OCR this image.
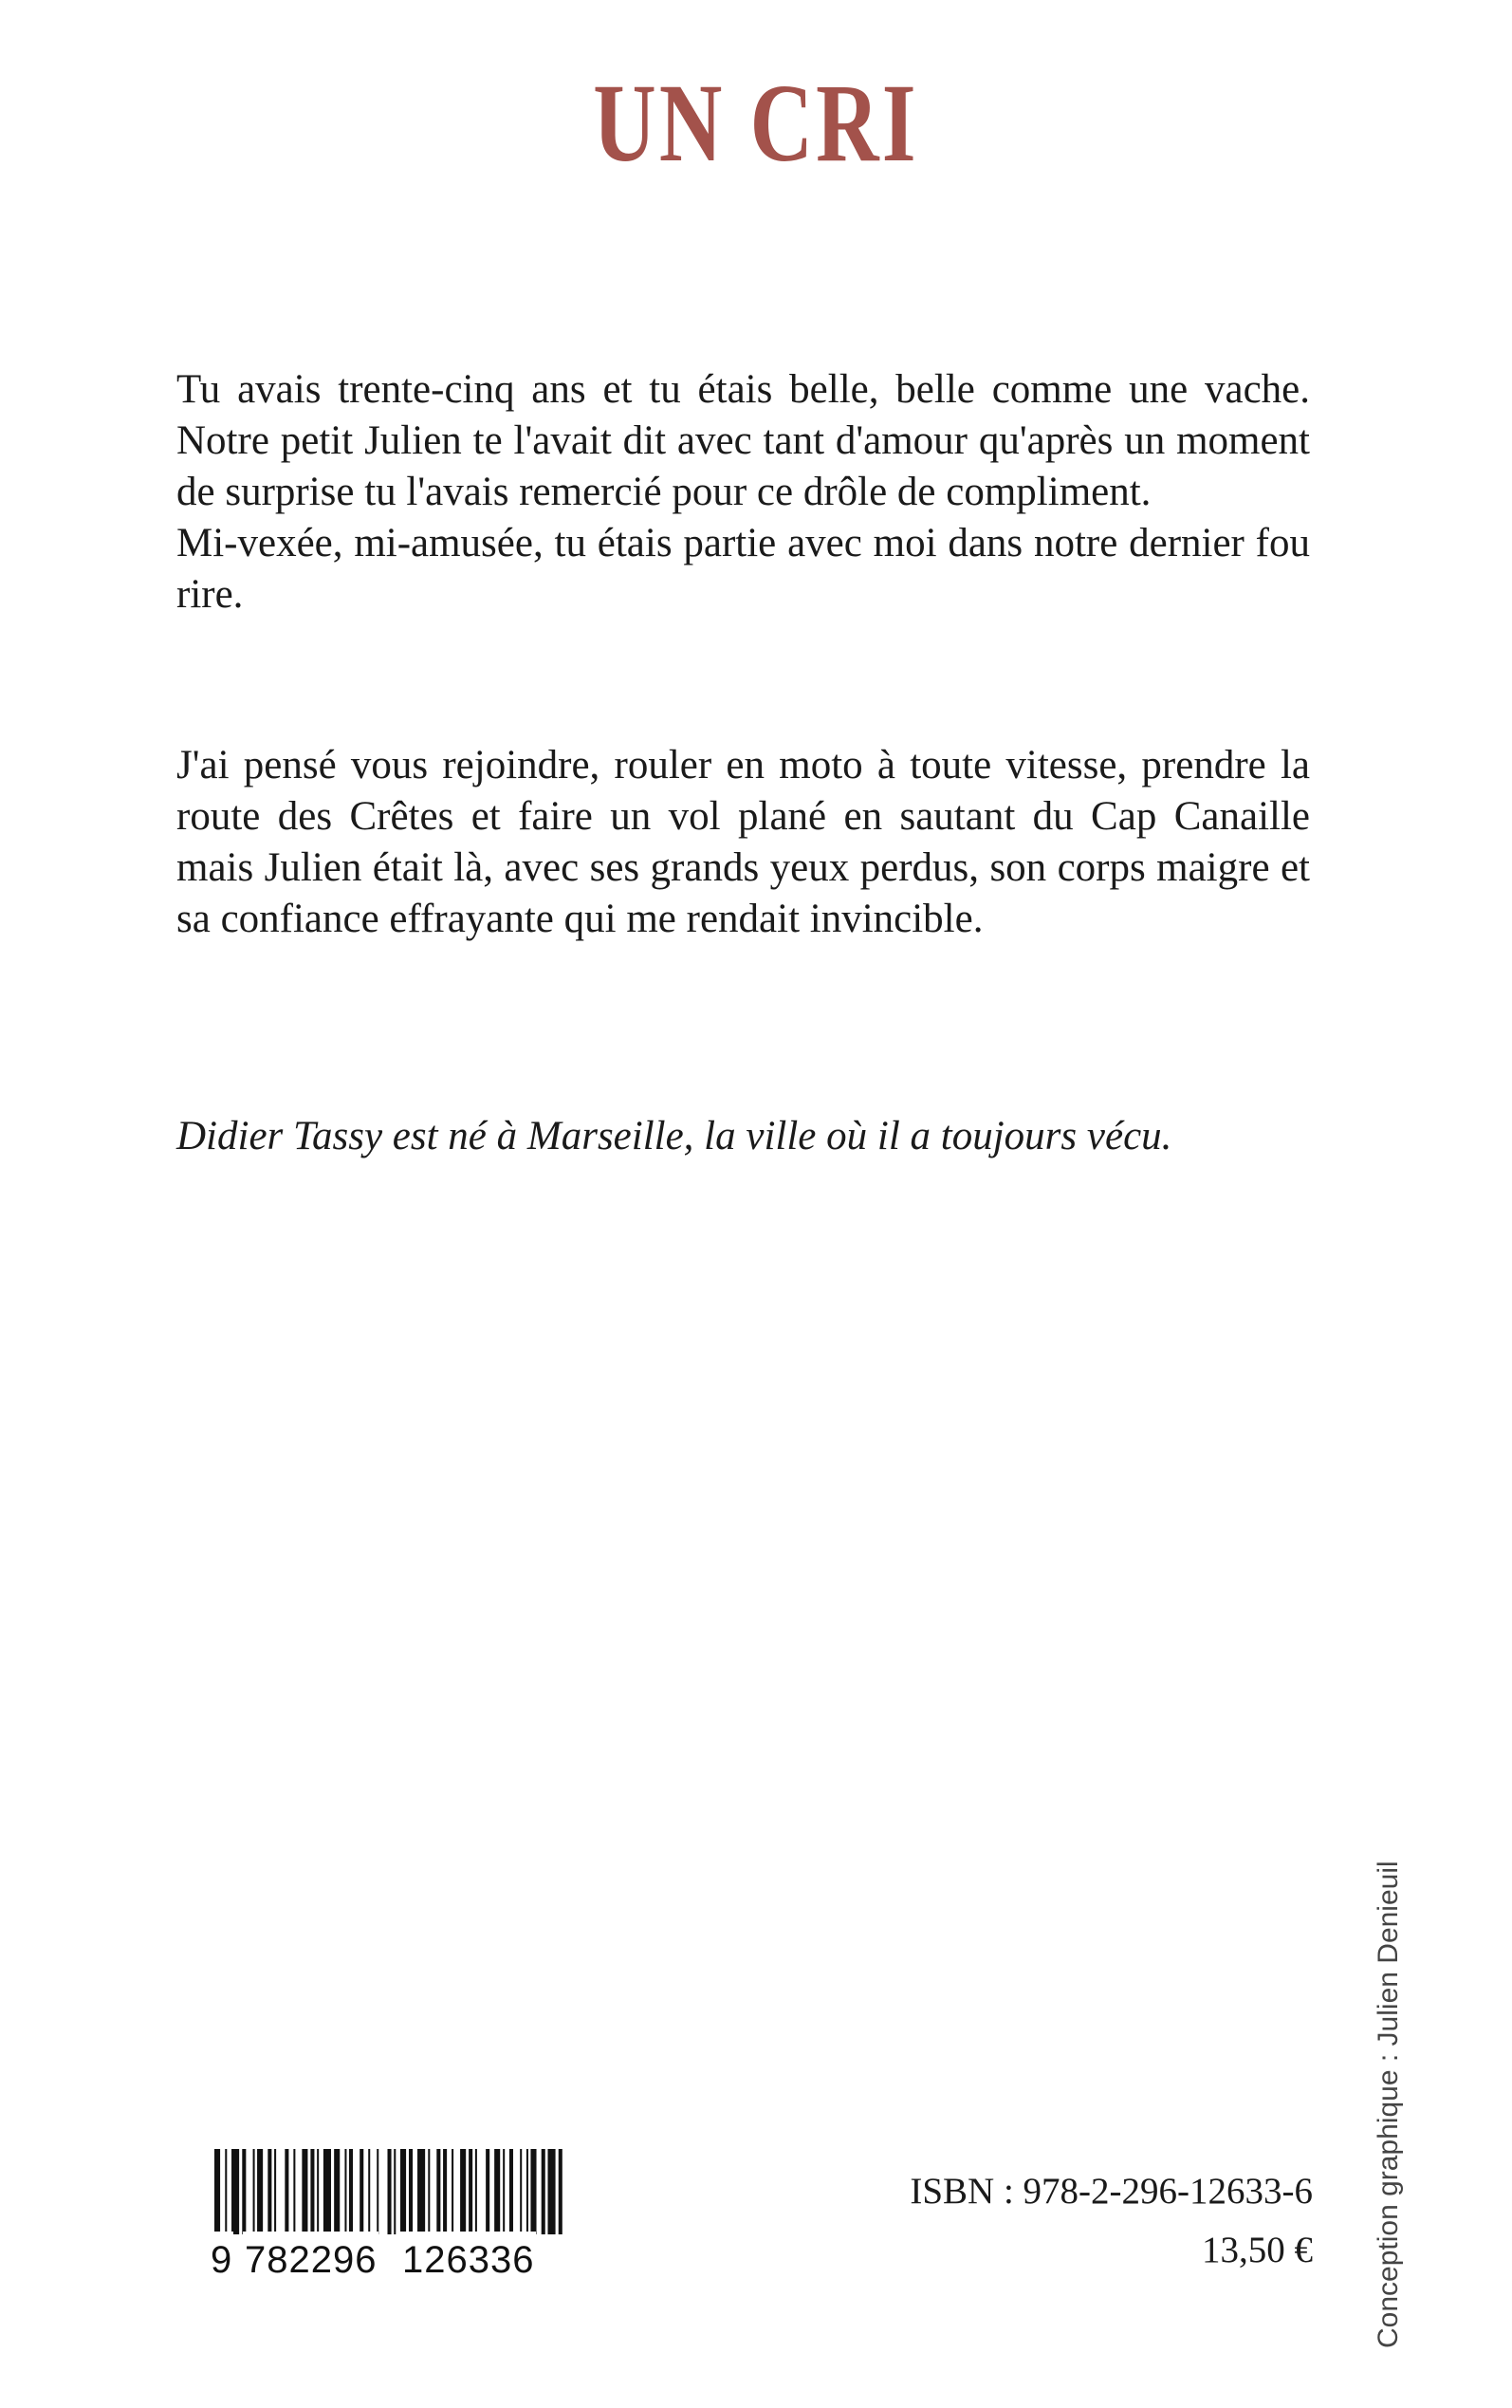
UN CRI

Tu avais trente-cinq ans et tu étais belle, belle comme une vache. Notre petit Julien te l'avait dit avec tant d'amour qu'après un moment de surprise tu l'avais remercié pour ce drôle de compliment.

Mi-vexée, mi-amusée, tu étais partie avec moi dans notre dernier fou rire.

J'ai pensé vous rejoindre, rouler en moto à toute vitesse, prendre la route des Crêtes et faire un vol plané en sautant du Cap Canaille mais Julien était là, avec ses grands yeux perdus, son corps maigre et sa confiance effrayante qui me rendait invincible.

Didier Tassy est né à Marseille, la ville où il a toujours vécu.
Conception graphique : Julien Denieuil
9 782296 126336
ISBN : 978-2-296-12633-6
13,50 €
